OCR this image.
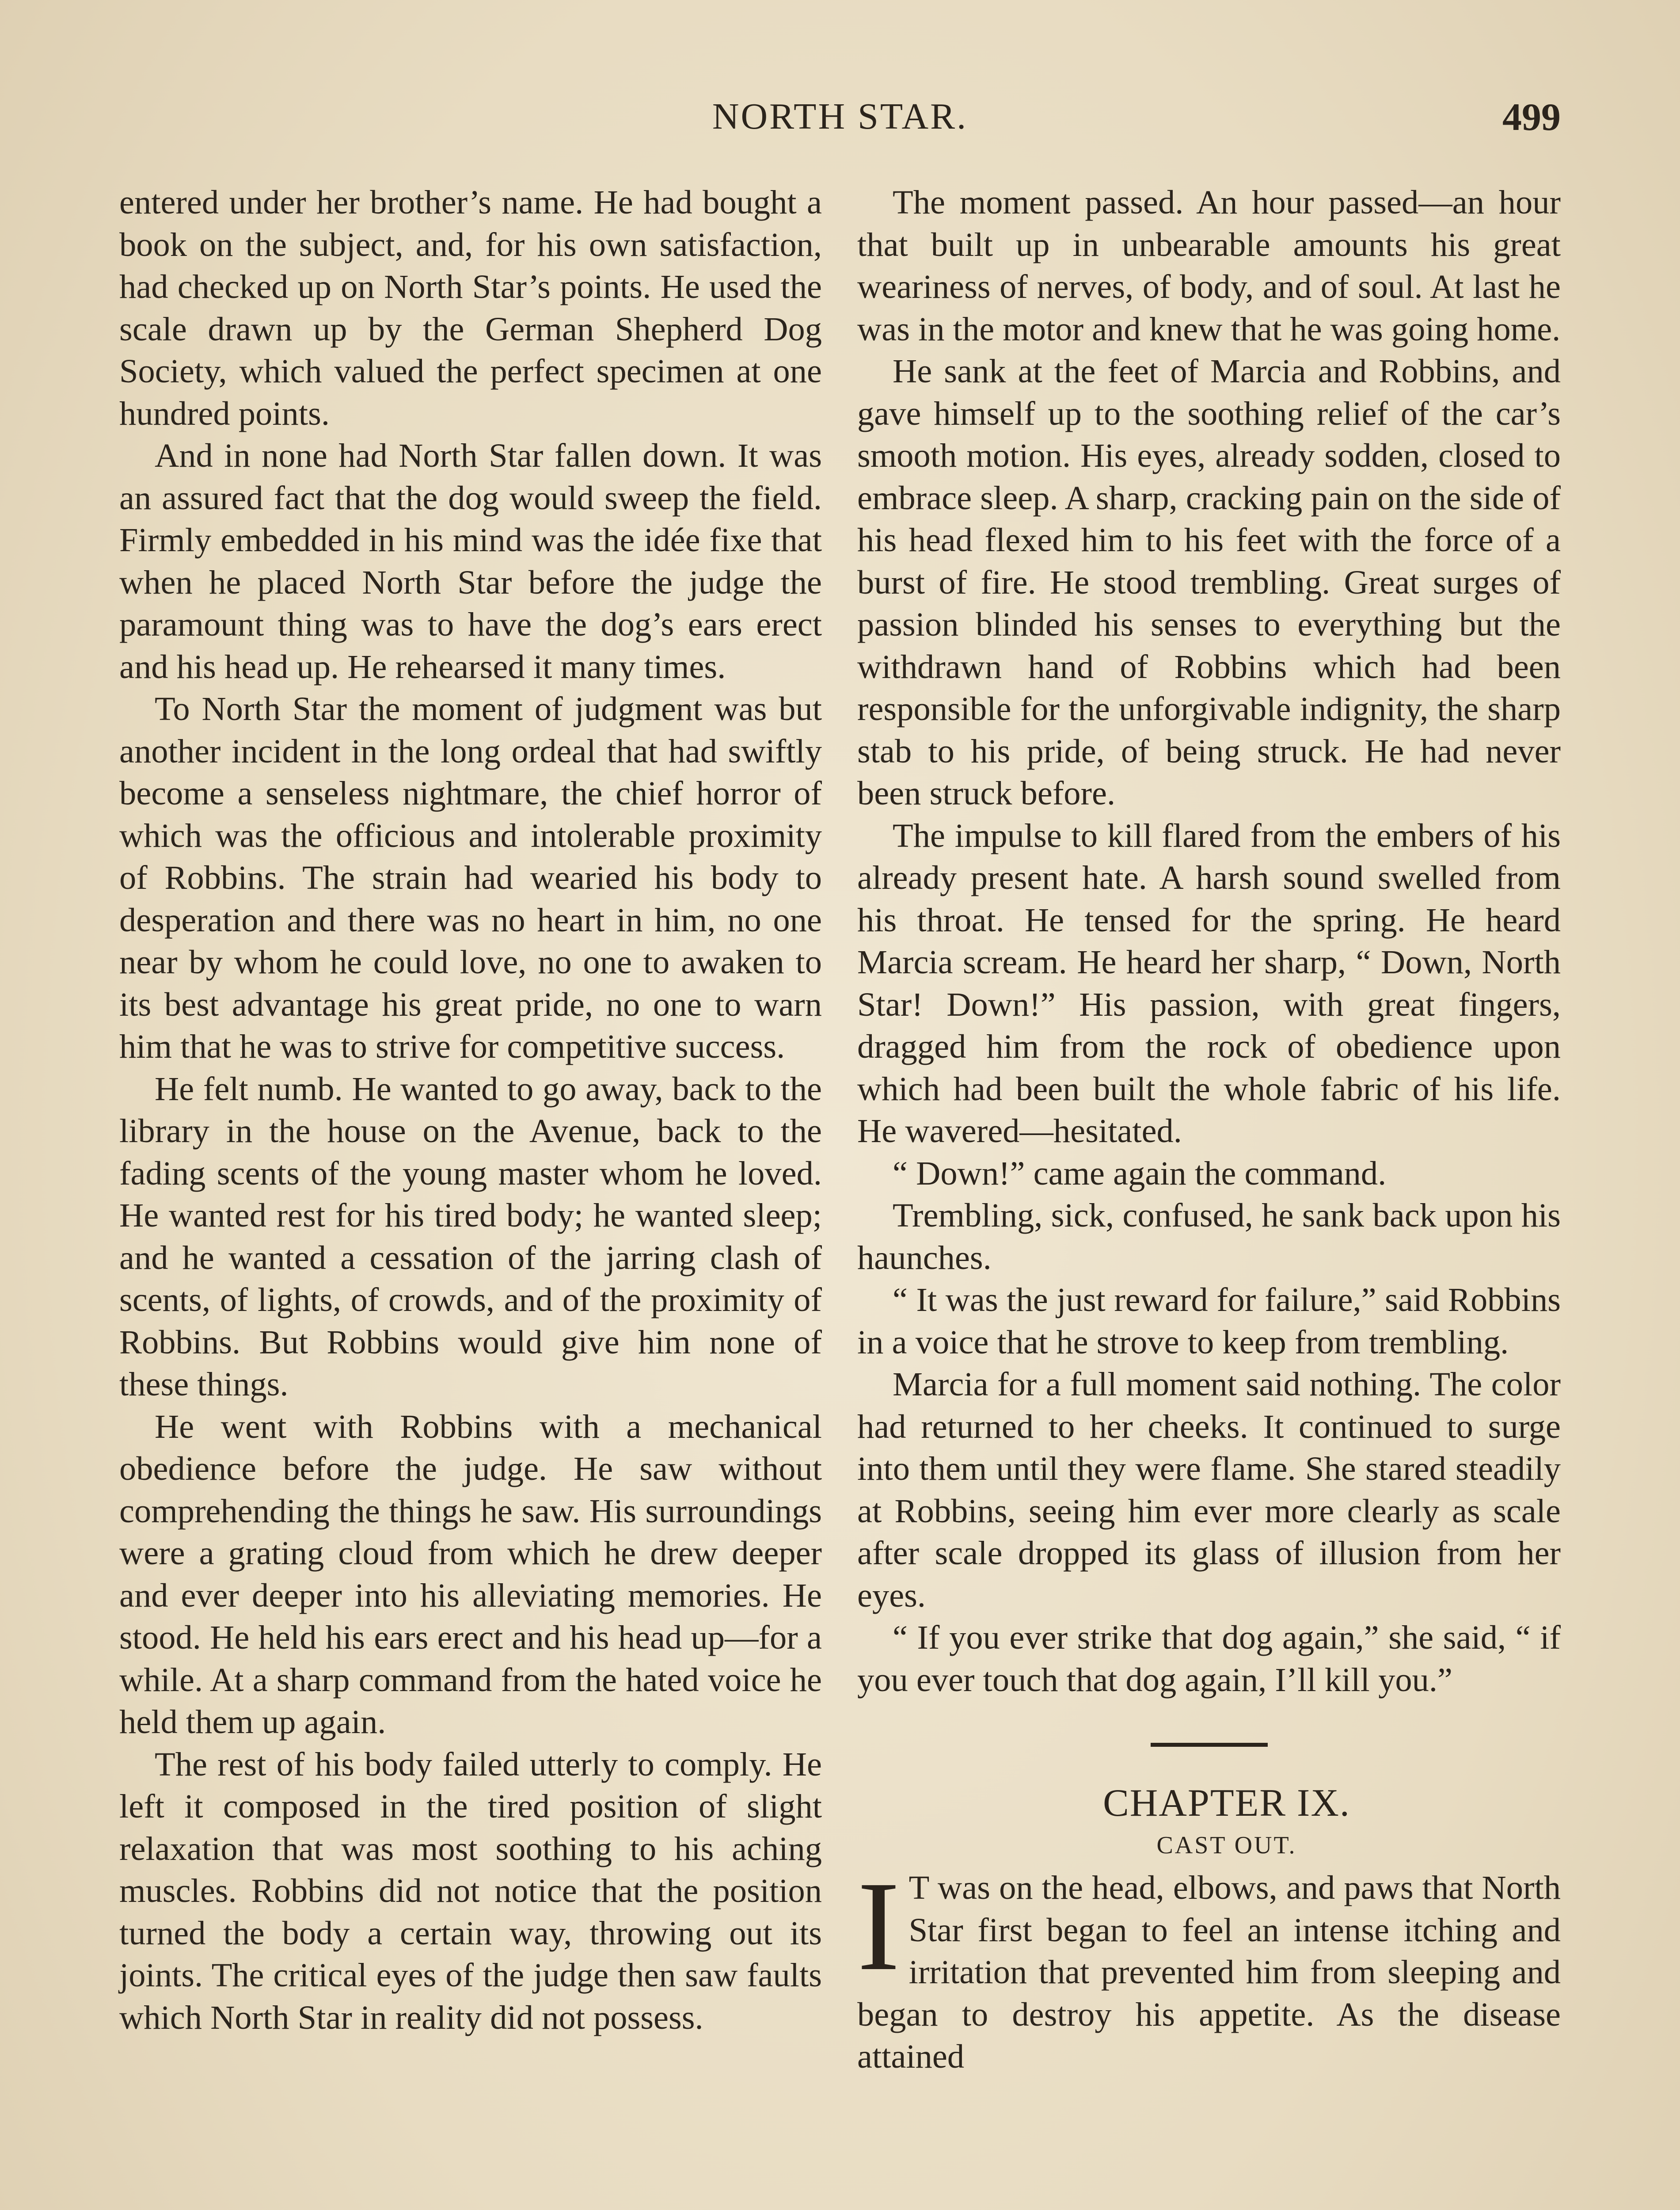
NORTH STAR.	499

entered under her brother’s name. He had bought a book on the subject, and, for his own satisfaction, had checked up on North Star’s points. He used the scale drawn up by the German Shepherd Dog Society, which valued the perfect specimen at one hundred points.

And in none had North Star fallen down. It was an assured fact that the dog would sweep the field. Firmly embedded in his mind was the idée fixe that when he placed North Star before the judge the paramount thing was to have the dog’s ears erect and his head up. He rehearsed it many times.

To North Star the moment of judgment was but another incident in the long ordeal that had swiftly become a senseless nightmare, the chief horror of which was the officious and intolerable proximity of Robbins. The strain had wearied his body to desperation and there was no heart in him, no one near by whom he could love, no one to awaken to its best advantage his great pride, no one to warn him that he was to strive for competitive success.

He felt numb. He wanted to go away, back to the library in the house on the Avenue, back to the fading scents of the young master whom he loved. He wanted rest for his tired body; he wanted sleep; and he wanted a cessation of the jarring clash of scents, of lights, of crowds, and of the proximity of Robbins. But Robbins would give him none of these things.

He went with Robbins with a mechanical obedience before the judge. He saw without comprehending the things he saw. His surroundings were a grating cloud from which he drew deeper and ever deeper into his alleviating memories. He stood. He held his ears erect and his head up—for a while. At a sharp command from the hated voice he held them up again.

The rest of his body failed utterly to comply. He left it composed in the tired position of slight relaxation that was most soothing to his aching muscles. Robbins did not notice that the position turned the body a certain way, throwing out its joints. The critical eyes of the judge then saw faults which North Star in reality did not possess.

The moment passed. An hour passed—an hour that built up in unbearable amounts his great weariness of nerves, of body, and of soul. At last he was in the motor and knew that he was going home.

He sank at the feet of Marcia and Robbins, and gave himself up to the soothing relief of the car’s smooth motion. His eyes, already sodden, closed to embrace sleep. A sharp, cracking pain on the side of his head flexed him to his feet with the force of a burst of fire. He stood trembling. Great surges of passion blinded his senses to everything but the withdrawn hand of Robbins which had been responsible for the unforgivable indignity, the sharp stab to his pride, of being struck. He had never been struck before.

The impulse to kill flared from the embers of his already present hate. A harsh sound swelled from his throat. He tensed for the spring. He heard Marcia scream. He heard her sharp, “ Down, North Star! Down!” His passion, with great fingers, dragged him from the rock of obedience upon which had been built the whole fabric of his life. He wavered—hesitated.

“ Down!” came again the command.

Trembling, sick, confused, he sank back upon his haunches.

“ It was the just reward for failure,” said Robbins in a voice that he strove to keep from trembling.

Marcia for a full moment said nothing. The color had returned to her cheeks. It continued to surge into them until they were flame. She stared steadily at Robbins, seeing him ever more clearly as scale after scale dropped its glass of illusion from her eyes.

“ If you ever strike that dog again,” she said, “ if you ever touch that dog again, I’ll kill you.”

CHAPTER IX.

CAST OUT.

I T was on the head, elbows, and paws that North Star first began to feel an intense itching and irritation that prevented him from sleeping and began to destroy his appetite. As the disease attained
